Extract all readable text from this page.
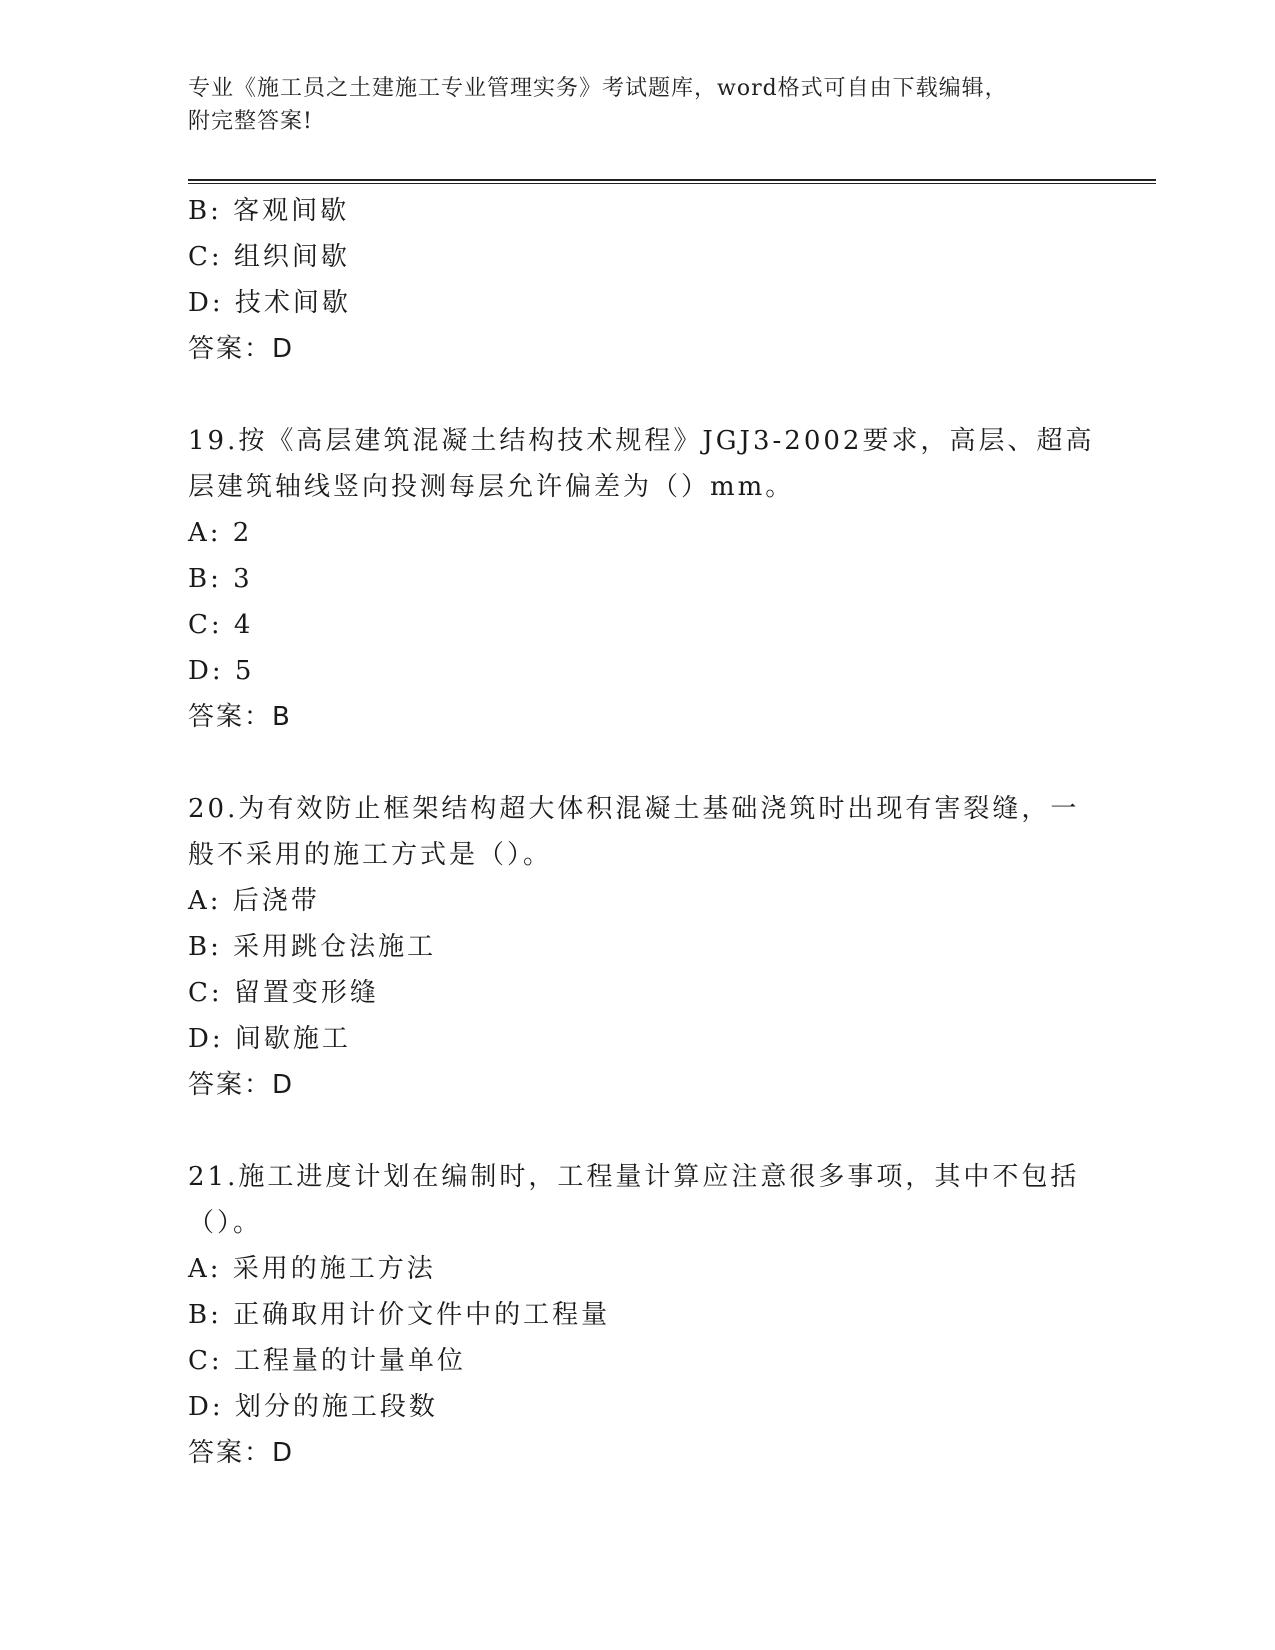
专业《施工员之土建施工专业管理实务》考试题库，word格式可自由下载编辑，
附完整答案!
B: 客观间歇
C: 组织间歇
D: 技术间歇
答案：D
19.按《高层建筑混凝土结构技术规程》JGJ3-2002要求，高层、超高
层建筑轴线竖向投测每层允许偏差为（）mm。
A: 2
B: 3
C: 4
D: 5
答案：B
20.为有效防止框架结构超大体积混凝土基础浇筑时出现有害裂缝，一
般不采用的施工方式是（）。
A: 后浇带
B: 采用跳仓法施工
C: 留置变形缝
D: 间歇施工
答案：D
21.施工进度计划在编制时，工程量计算应注意很多事项，其中不包括
（）。
A: 采用的施工方法
B: 正确取用计价文件中的工程量
C: 工程量的计量单位
D: 划分的施工段数
答案：D
